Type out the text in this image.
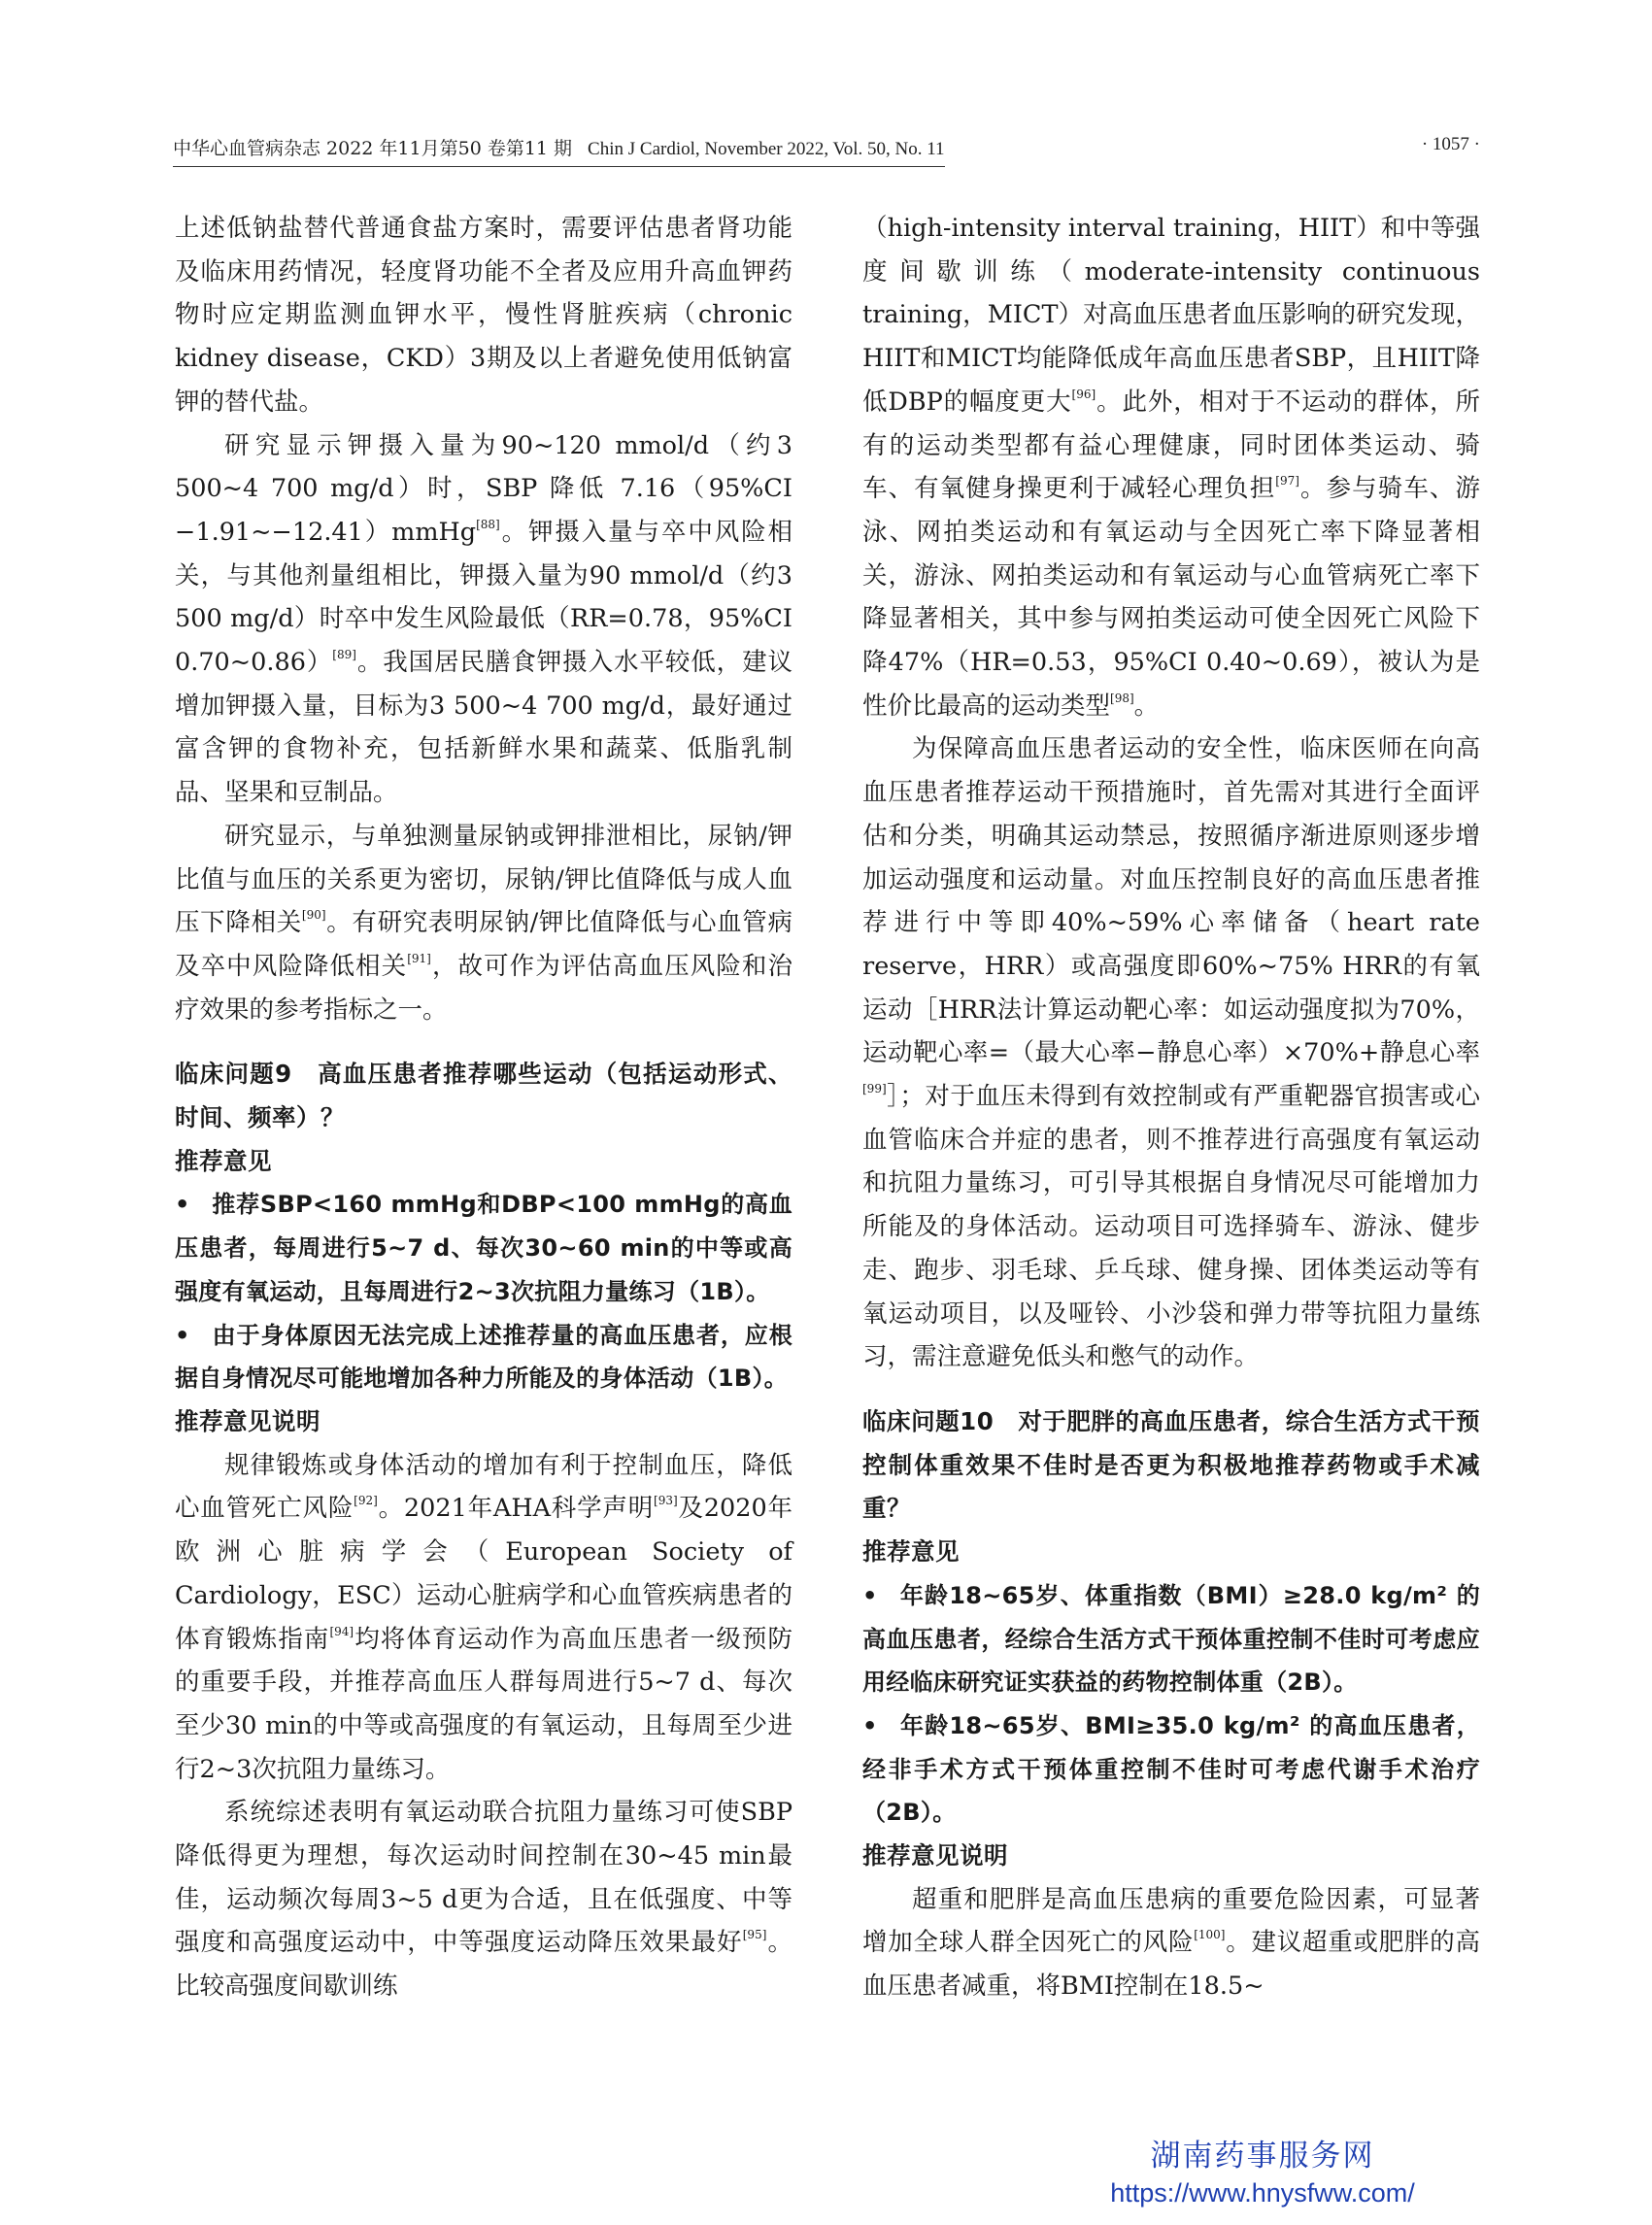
中华心血管病杂志 2022 年11月第50 卷第11 期 Chin J Cardiol, November 2022, Vol. 50, No. 11	· 1057 ·

上述低钠盐替代普通食盐方案时，需要评估患者肾功能及临床用药情况，轻度肾功能不全者及应用升高血钾药物时应定期监测血钾水平，慢性肾脏疾病（chronic kidney disease，CKD）3期及以上者避免使用低钠富钾的替代盐。

研究显示钾摄入量为90~120 mmol/d（约3 500~4 700 mg/d）时，SBP 降低 7.16（95%CI −1.91~−12.41）mmHg[88]。钾摄入量与卒中风险相关，与其他剂量组相比，钾摄入量为90 mmol/d（约3 500 mg/d）时卒中发生风险最低（RR=0.78，95%CI 0.70~0.86）[89]。我国居民膳食钾摄入水平较低，建议增加钾摄入量，目标为3 500~4 700 mg/d，最好通过富含钾的食物补充，包括新鲜水果和蔬菜、低脂乳制品、坚果和豆制品。

研究显示，与单独测量尿钠或钾排泄相比，尿钠/钾比值与血压的关系更为密切，尿钠/钾比值降低与成人血压下降相关[90]。有研究表明尿钠/钾比值降低与心血管病及卒中风险降低相关[91]，故可作为评估高血压风险和治疗效果的参考指标之一。

临床问题9　高血压患者推荐哪些运动（包括运动形式、时间、频率）？

推荐意见

• 推荐SBP<160 mmHg和DBP<100 mmHg的高血压患者，每周进行5~7 d、每次30~60 min的中等或高强度有氧运动，且每周进行2~3次抗阻力量练习（1B）。

• 由于身体原因无法完成上述推荐量的高血压患者，应根据自身情况尽可能地增加各种力所能及的身体活动（1B）。

推荐意见说明

规律锻炼或身体活动的增加有利于控制血压，降低心血管死亡风险[92]。2021年AHA科学声明[93]及2020年欧洲心脏病学会（European Society of Cardiology，ESC）运动心脏病学和心血管疾病患者的体育锻炼指南[94]均将体育运动作为高血压患者一级预防的重要手段，并推荐高血压人群每周进行5~7 d、每次至少30 min的中等或高强度的有氧运动，且每周至少进行2~3次抗阻力量练习。

系统综述表明有氧运动联合抗阻力量练习可使SBP降低得更为理想，每次运动时间控制在30~45 min最佳，运动频次每周3~5 d更为合适，且在低强度、中等强度和高强度运动中，中等强度运动降压效果最好[95]。比较高强度间歇训练

（high-intensity interval training，HIIT）和中等强度间歇训练（moderate-intensity continuous training，MICT）对高血压患者血压影响的研究发现，HIIT和MICT均能降低成年高血压患者SBP，且HIIT降低DBP的幅度更大[96]。此外，相对于不运动的群体，所有的运动类型都有益心理健康，同时团体类运动、骑车、有氧健身操更利于减轻心理负担[97]。参与骑车、游泳、网拍类运动和有氧运动与全因死亡率下降显著相关，游泳、网拍类运动和有氧运动与心血管病死亡率下降显著相关，其中参与网拍类运动可使全因死亡风险下降47%（HR=0.53，95%CI 0.40~0.69），被认为是性价比最高的运动类型[98]。

为保障高血压患者运动的安全性，临床医师在向高血压患者推荐运动干预措施时，首先需对其进行全面评估和分类，明确其运动禁忌，按照循序渐进原则逐步增加运动强度和运动量。对血压控制良好的高血压患者推荐进行中等即40%~59%心率储备（heart rate reserve，HRR）或高强度即60%~75% HRR的有氧运动［HRR法计算运动靶心率：如运动强度拟为70%，运动靶心率=（最大心率−静息心率）×70%+静息心率[99]］；对于血压未得到有效控制或有严重靶器官损害或心血管临床合并症的患者，则不推荐进行高强度有氧运动和抗阻力量练习，可引导其根据自身情况尽可能增加力所能及的身体活动。运动项目可选择骑车、游泳、健步走、跑步、羽毛球、乒乓球、健身操、团体类运动等有氧运动项目，以及哑铃、小沙袋和弹力带等抗阻力量练习，需注意避免低头和憋气的动作。

临床问题10　对于肥胖的高血压患者，综合生活方式干预控制体重效果不佳时是否更为积极地推荐药物或手术减重？

推荐意见

• 年龄18~65岁、体重指数（BMI）≥28.0 kg/m² 的高血压患者，经综合生活方式干预体重控制不佳时可考虑应用经临床研究证实获益的药物控制体重（2B）。

• 年龄18~65岁、BMI≥35.0 kg/m² 的高血压患者，经非手术方式干预体重控制不佳时可考虑代谢手术治疗（2B）。

推荐意见说明

超重和肥胖是高血压患病的重要危险因素，可显著增加全球人群全因死亡的风险[100]。建议超重或肥胖的高血压患者减重，将BMI控制在18.5~

湖南药事服务网
https://www.hnysfww.com/
